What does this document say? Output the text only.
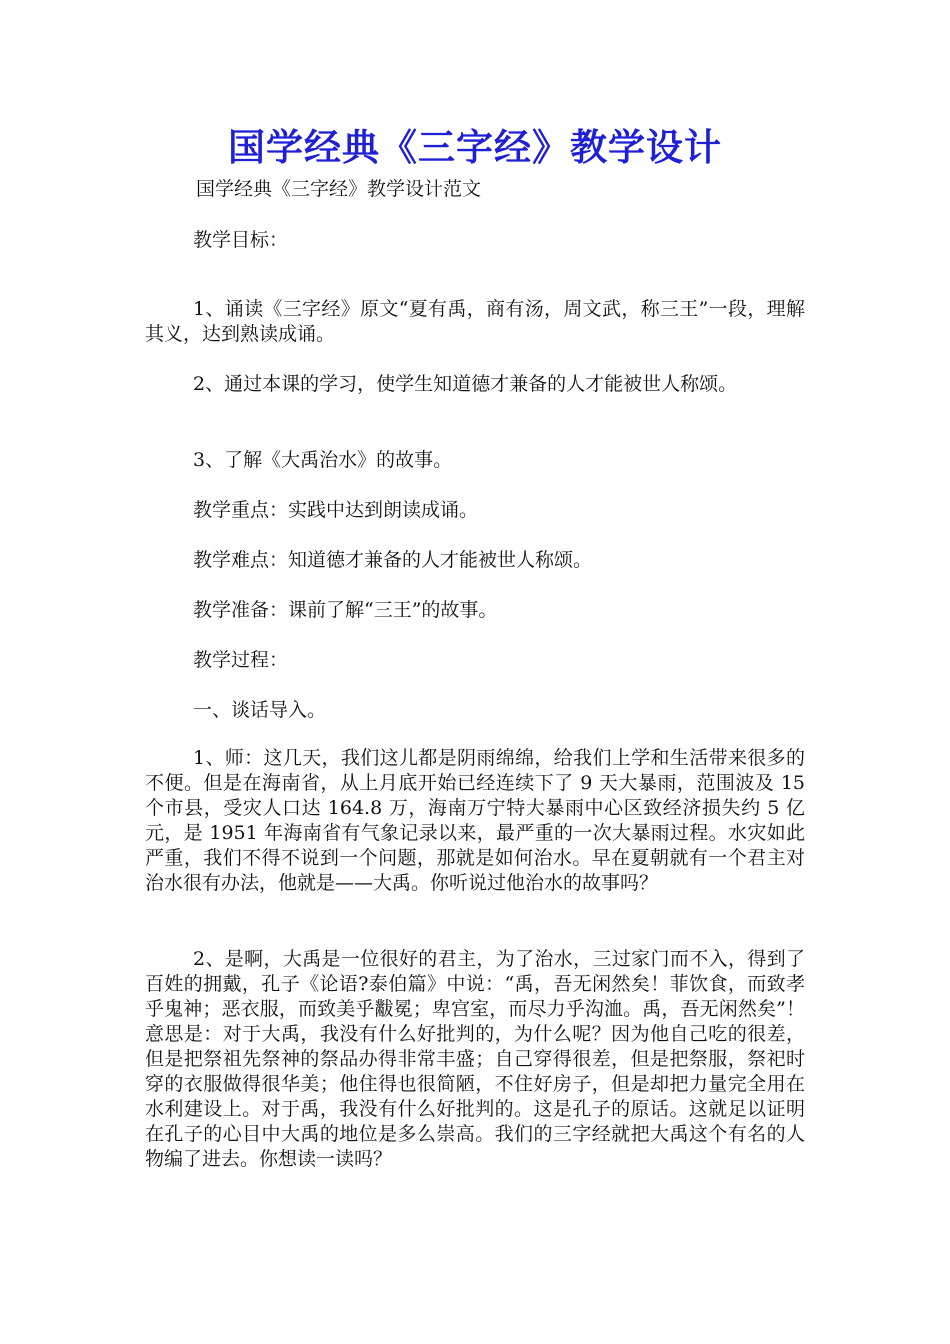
国学经典《三字经》教学设计

国学经典《三字经》教学设计范文

教学目标：

1、诵读《三字经》原文“夏有禹，商有汤，周文武，称三王”一段，理解其义，达到熟读成诵。

2、通过本课的学习，使学生知道德才兼备的人才能被世人称颂。

3、了解《大禹治水》的故事。

教学重点：实践中达到朗读成诵。

教学难点：知道德才兼备的人才能被世人称颂。

教学准备：课前了解“三王”的故事。

教学过程：

一、谈话导入。

1、师：这几天，我们这儿都是阴雨绵绵，给我们上学和生活带来很多的不便。但是在海南省，从上月底开始已经连续下了 9 天大暴雨，范围波及 15 个市县，受灾人口达 164.8 万，海南万宁特大暴雨中心区致经济损失约 5 亿元，是 1951 年海南省有气象记录以来，最严重的一次大暴雨过程。水灾如此严重，我们不得不说到一个问题，那就是如何治水。早在夏朝就有一个君主对治水很有办法，他就是——大禹。你听说过他治水的故事吗？

2、是啊，大禹是一位很好的君主，为了治水，三过家门而不入，得到了百姓的拥戴，孔子《论语?泰伯篇》中说：“禹，吾无闲然矣！菲饮食，而致孝乎鬼神；恶衣服，而致美乎黻冕；卑宫室，而尽力乎沟洫。禹，吾无闲然矣”！意思是：对于大禹，我没有什么好批判的，为什么呢？因为他自己吃的很差，但是把祭祖先祭神的祭品办得非常丰盛；自己穿得很差，但是把祭服，祭祀时穿的衣服做得很华美；他住得也很简陋，不住好房子，但是却把力量完全用在水利建设上。对于禹，我没有什么好批判的。这是孔子的原话。这就足以证明在孔子的心目中大禹的地位是多么崇高。我们的三字经就把大禹这个有名的人物编了进去。你想读一读吗？
